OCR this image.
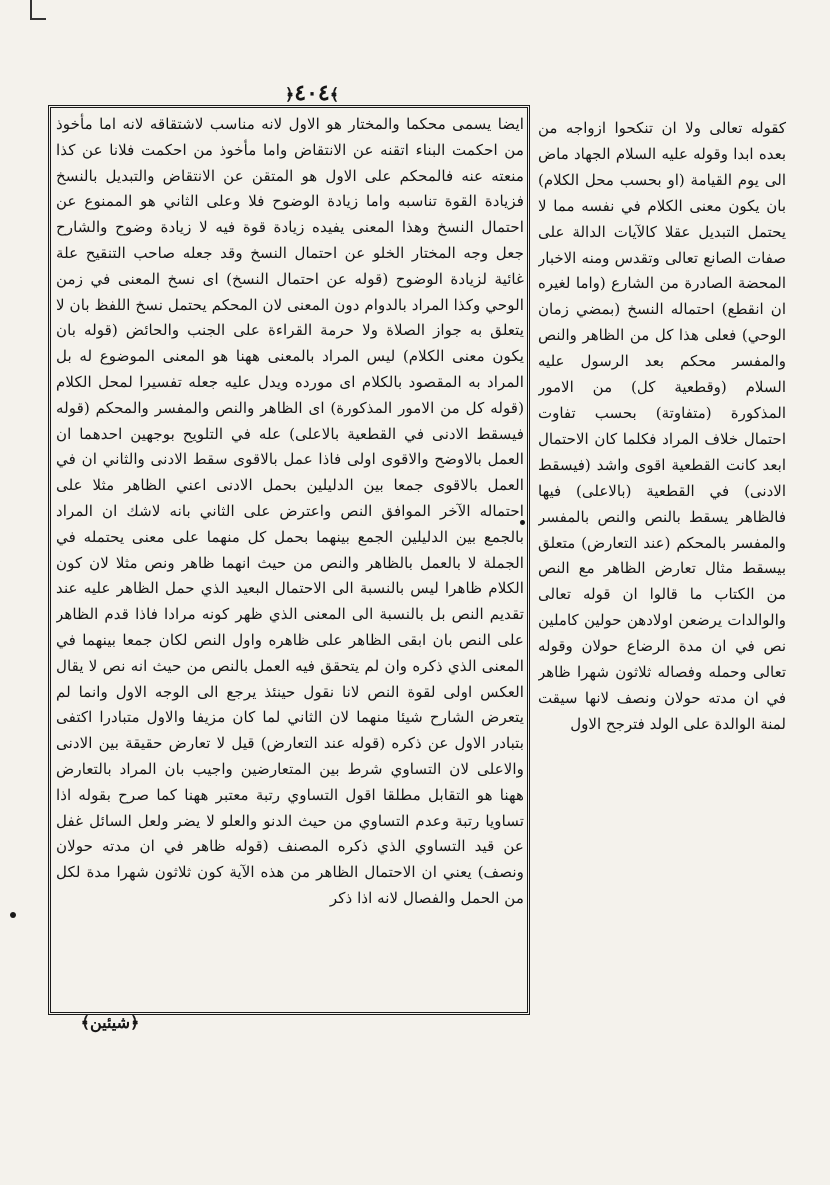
﴿٤٠٤﴾

ايضا يسمى محكما والمختار هو الاول لانه مناسب لاشتقاقه لانه اما مأخوذ من احكمت البناء اتقنه عن الانتقاض واما مأخوذ من احكمت فلانا عن كذا منعته عنه فالمحكم على الاول هو المتقن عن الانتقاض والتبديل بالنسخ فزيادة القوة تناسبه واما زيادة الوضوح فلا وعلى الثاني هو الممنوع عن احتمال النسخ وهذا المعنى يفيده زيادة قوة فيه لا زيادة وضوح والشارح جعل وجه المختار الخلو عن احتمال النسخ وقد جعله صاحب التنقيح علة غائية لزيادة الوضوح (قوله عن احتمال النسخ) اى نسخ المعنى في زمن الوحي وكذا المراد بالدوام دون المعنى لان المحكم يحتمل نسخ اللفظ بان لا يتعلق به جواز الصلاة ولا حرمة القراءة على الجنب والحائض (قوله بان يكون معنى الكلام) ليس المراد بالمعنى ههنا هو المعنى الموضوع له بل المراد به المقصود بالكلام اى مورده ويدل عليه جعله تفسيرا لمحل الكلام (قوله كل من الامور المذكورة) اى الظاهر والنص والمفسر والمحكم (قوله فيسقط الادنى في القطعية بالاعلى) عله في التلويح بوجهين احدهما ان العمل بالاوضح والاقوى اولى فاذا عمل بالاقوى سقط الادنى والثاني ان في العمل بالاقوى جمعا بين الدليلين بحمل الادنى اعني الظاهر مثلا على احتماله الآخر الموافق النص واعترض على الثاني بانه لاشك ان المراد بالجمع بين الدليلين الجمع بينهما بحمل كل منهما على معنى يحتمله في الجملة لا بالعمل بالظاهر والنص من حيث انهما ظاهر ونص مثلا لان كون الكلام ظاهرا ليس بالنسبة الى الاحتمال البعيد الذي حمل الظاهر عليه عند تقديم النص بل بالنسبة الى المعنى الذي ظهر كونه مرادا فاذا قدم الظاهر على النص بان ابقى الظاهر على ظاهره واول النص لكان جمعا بينهما في المعنى الذي ذكره وان لم يتحقق فيه العمل بالنص من حيث انه نص لا يقال العكس اولى لقوة النص لانا نقول حينئذ يرجع الى الوجه الاول وانما لم يتعرض الشارح شيئا منهما لان الثاني لما كان مزيفا والاول متبادرا اكتفى بتبادر الاول عن ذكره (قوله عند التعارض) قيل لا تعارض حقيقة بين الادنى والاعلى لان التساوي شرط بين المتعارضين واجيب بان المراد بالتعارض ههنا هو التقابل مطلقا اقول التساوي رتبة معتبر ههنا كما صرح بقوله اذا تساويا رتبة وعدم التساوي من حيث الدنو والعلو لا يضر ولعل السائل غفل عن قيد التساوي الذي ذكره المصنف (قوله ظاهر في ان مدته حولان ونصف) يعني ان الاحتمال الظاهر من هذه الآية كون ثلاثون شهرا مدة لكل من الحمل والفصال لانه اذا ذكر

كقوله تعالى ولا ان تنكحوا ازواجه من بعده ابدا وقوله عليه السلام الجهاد ماض الى يوم القيامة (او بحسب محل الكلام) بان يكون معنى الكلام في نفسه مما لا يحتمل التبديل عقلا كالآيات الدالة على صفات الصانع تعالى وتقدس ومنه الاخبار المحضة الصادرة من الشارع (واما لغيره ان انقطع) احتماله النسخ (بمضي زمان الوحي) فعلى هذا كل من الظاهر والنص والمفسر محكم بعد الرسول عليه السلام (وقطعية كل) من الامور المذكورة (متفاوتة) بحسب تفاوت احتمال خلاف المراد فكلما كان الاحتمال ابعد كانت القطعية اقوى واشد (فيسقط الادنى) في القطعية (بالاعلى) فيها فالظاهر يسقط بالنص والنص بالمفسر والمفسر بالمحكم (عند التعارض) متعلق بيسقط مثال تعارض الظاهر مع النص من الكتاب ما قالوا ان قوله تعالى والوالدات يرضعن اولادهن حولين كاملين نص في ان مدة الرضاع حولان وقوله تعالى وحمله وفصاله ثلاثون شهرا ظاهر في ان مدته حولان ونصف لانها سيقت لمنة الوالدة على الولد فترجح الاول

﴿شيئين﴾
